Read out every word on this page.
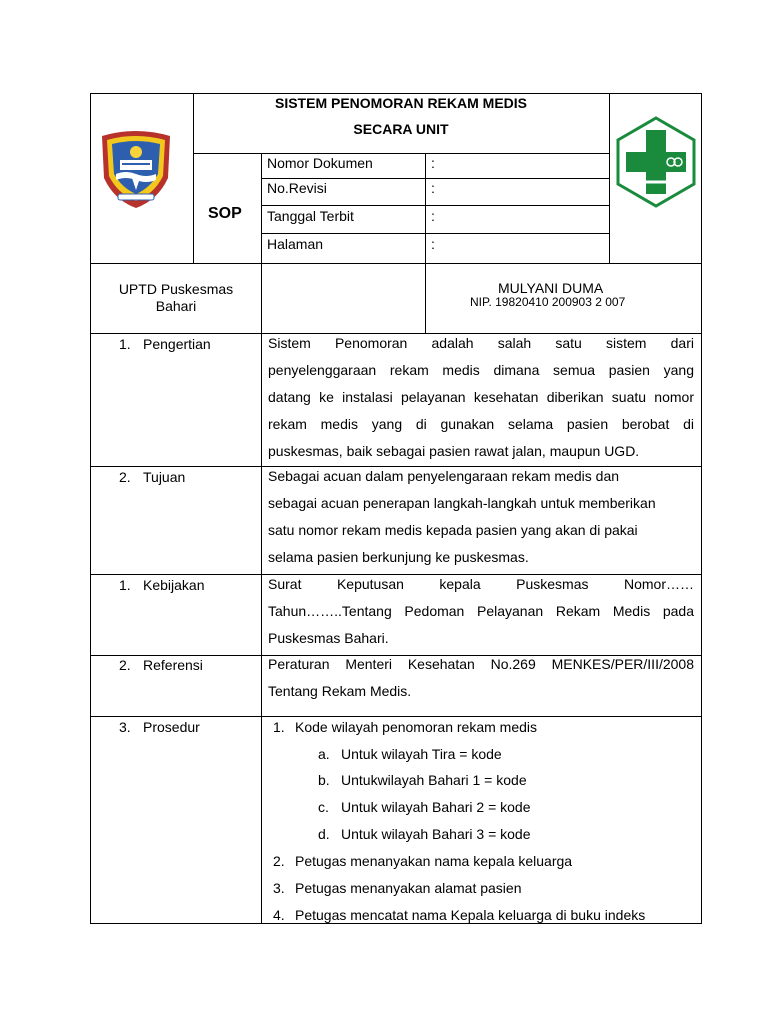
SISTEM PENOMORAN REKAM MEDIS
SECARA UNIT
SOP
Nomor Dokumen	:
No.Revisi	:
Tanggal Terbit	:
Halaman	:
UPTD Puskesmas
Bahari
MULYANI DUMA
NIP. 19820410 200903 2 007
1. Pengertian	Sistem Penomoran adalah salah satu sistem dari
penyelenggaraan rekam medis dimana semua pasien yang
datang ke instalasi pelayanan kesehatan diberikan suatu nomor
rekam medis yang di gunakan selama pasien berobat di
puskesmas, baik sebagai pasien rawat jalan, maupun UGD.
2. Tujuan	Sebagai acuan dalam penyelengaraan rekam medis dan
sebagai acuan penerapan langkah-langkah untuk memberikan
satu nomor rekam medis kepada pasien yang akan di pakai
selama pasien berkunjung ke puskesmas.
1. Kebijakan	Surat Keputusan kepala Puskesmas Nomor……
Tahun……..Tentang Pedoman Pelayanan Rekam Medis pada
Puskesmas Bahari.
2. Referensi	Peraturan Menteri Kesehatan No.269 MENKES/PER/III/2008
Tentang Rekam Medis.
3. Prosedur	1. Kode wilayah penomoran rekam medis
a. Untuk wilayah Tira = kode
b. Untukwilayah Bahari 1 = kode
c. Untuk wilayah Bahari 2 = kode
d. Untuk wilayah Bahari 3 = kode
2. Petugas menanyakan nama kepala keluarga
3. Petugas menanyakan alamat pasien
4. Petugas mencatat nama Kepala keluarga di buku indeks
